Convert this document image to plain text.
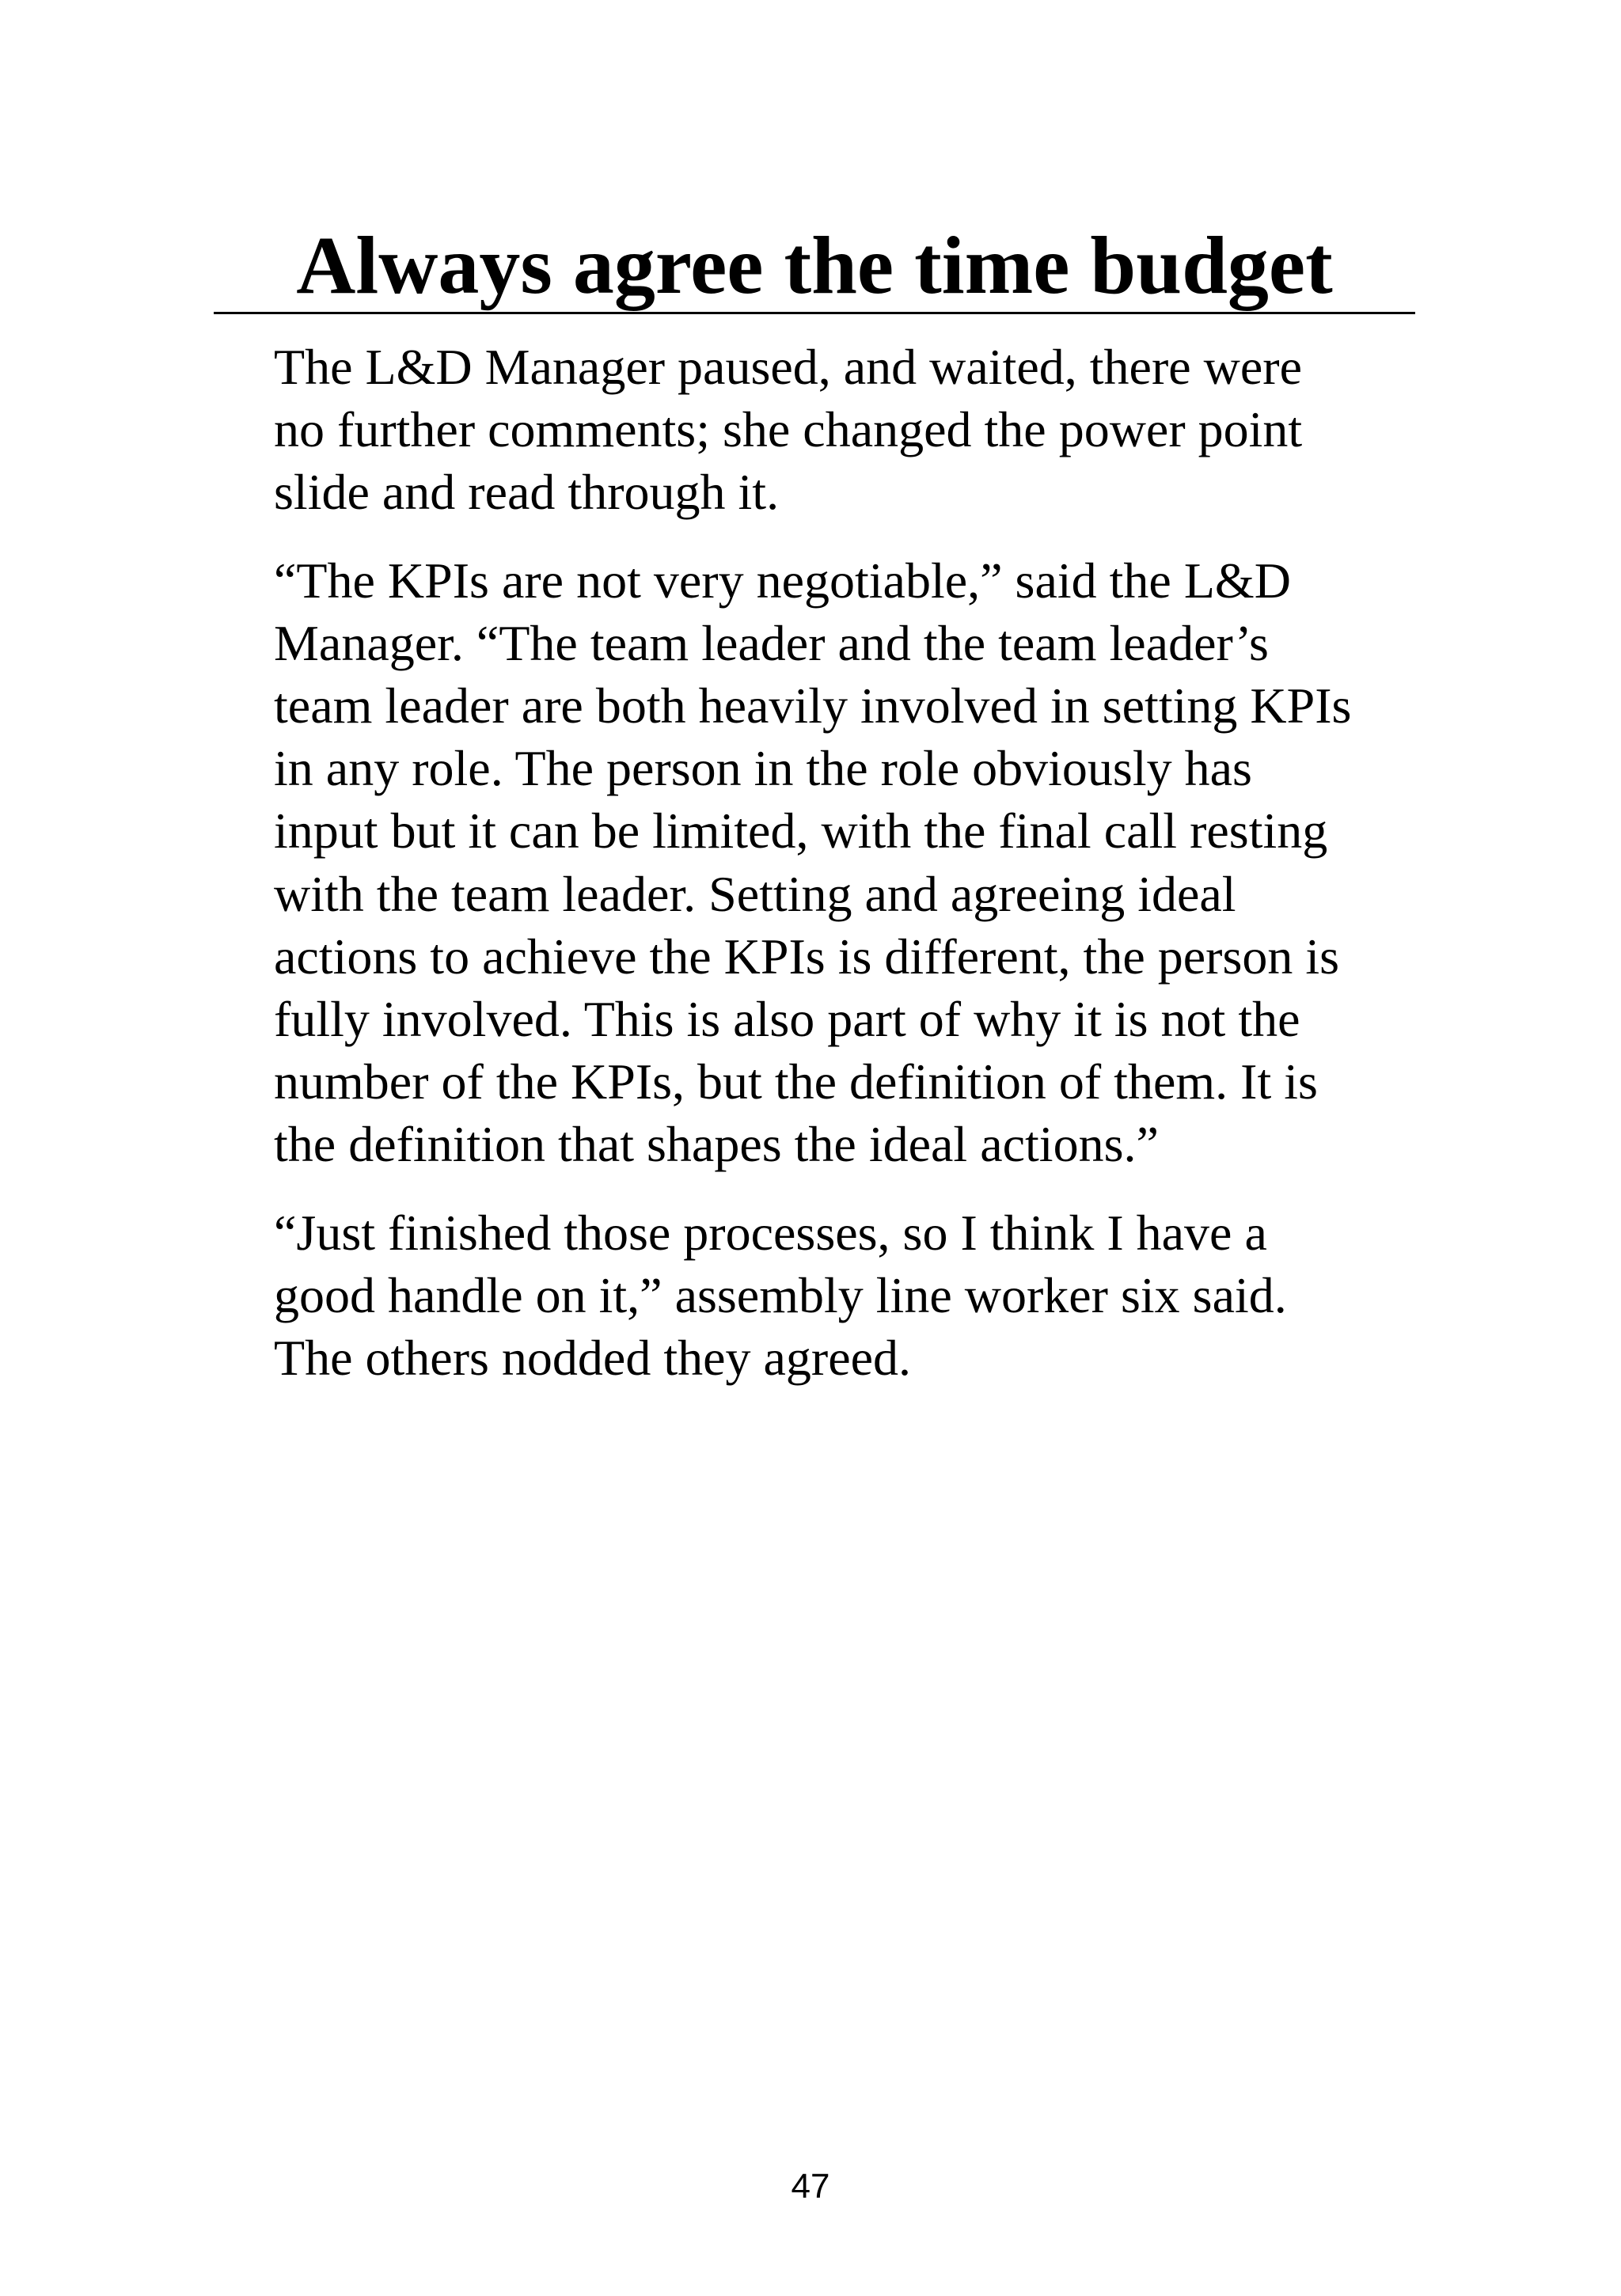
Always agree the time budget

The L&D Manager paused, and waited, there were
no further comments; she changed the power point
slide and read through it.

“The KPIs are not very negotiable,” said the L&D
Manager. “The team leader and the team leader’s
team leader are both heavily involved in setting KPIs
in any role. The person in the role obviously has
input but it can be limited, with the final call resting
with the team leader. Setting and agreeing ideal
actions to achieve the KPIs is different, the person is
fully involved. This is also part of why it is not the
number of the KPIs, but the definition of them. It is
the definition that shapes the ideal actions.”

“Just finished those processes, so I think I have a
good handle on it,” assembly line worker six said.
The others nodded they agreed.

47
